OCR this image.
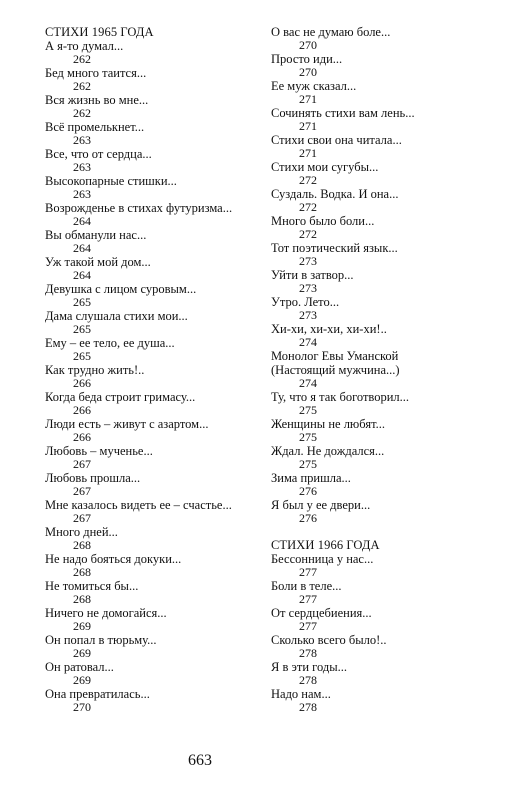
СТИХИ 1965 ГОДА
А я-то думал...
262
Бед много таится...
262
Вся жизнь во мне...
262
Всё промелькнет...
263
Все, что от сердца...
263
Высокопарные стишки...
263
Возрожденье в стихах футуризма...
264
Вы обманули нас...
264
Уж такой мой дом...
264
Девушка с лицом суровым...
265
Дама слушала стихи мои...
265
Ему – ее тело, ее душа...
265
Как трудно жить!..
266
Когда беда строит гримасу...
266
Люди есть – живут с азартом...
266
Любовь – мученье...
267
Любовь прошла...
267
Мне казалось видеть ее – счастье...
267
Много дней...
268
Не надо бояться докуки...
268
Не томиться бы...
268
Ничего не домогайся...
269
Он попал в тюрьму...
269
Он ратовал...
269
Она превратилась...
270
О вас не думаю боле...
270
Просто иди...
270
Ее муж сказал...
271
Сочинять стихи вам лень...
271
Стихи свои она читала...
271
Стихи мои сугубы...
272
Суздаль. Водка. И она...
272
Много было боли...
272
Тот поэтический язык...
273
Уйти в затвор...
273
Утро. Лето...
273
Хи-хи, хи-хи, хи-хи!..
274
Монолог Евы Уманской (Настоящий мужчина...)
274
Ту, что я так боготворил...
275
Женщины не любят...
275
Ждал. Не дождался...
275
Зима пришла...
276
Я был у ее двери...
276
СТИХИ 1966 ГОДА
Бессонница у нас...
277
Боли в теле...
277
От сердцебиения...
277
Сколько всего было!..
278
Я в эти годы...
278
Надо нам...
278
663
